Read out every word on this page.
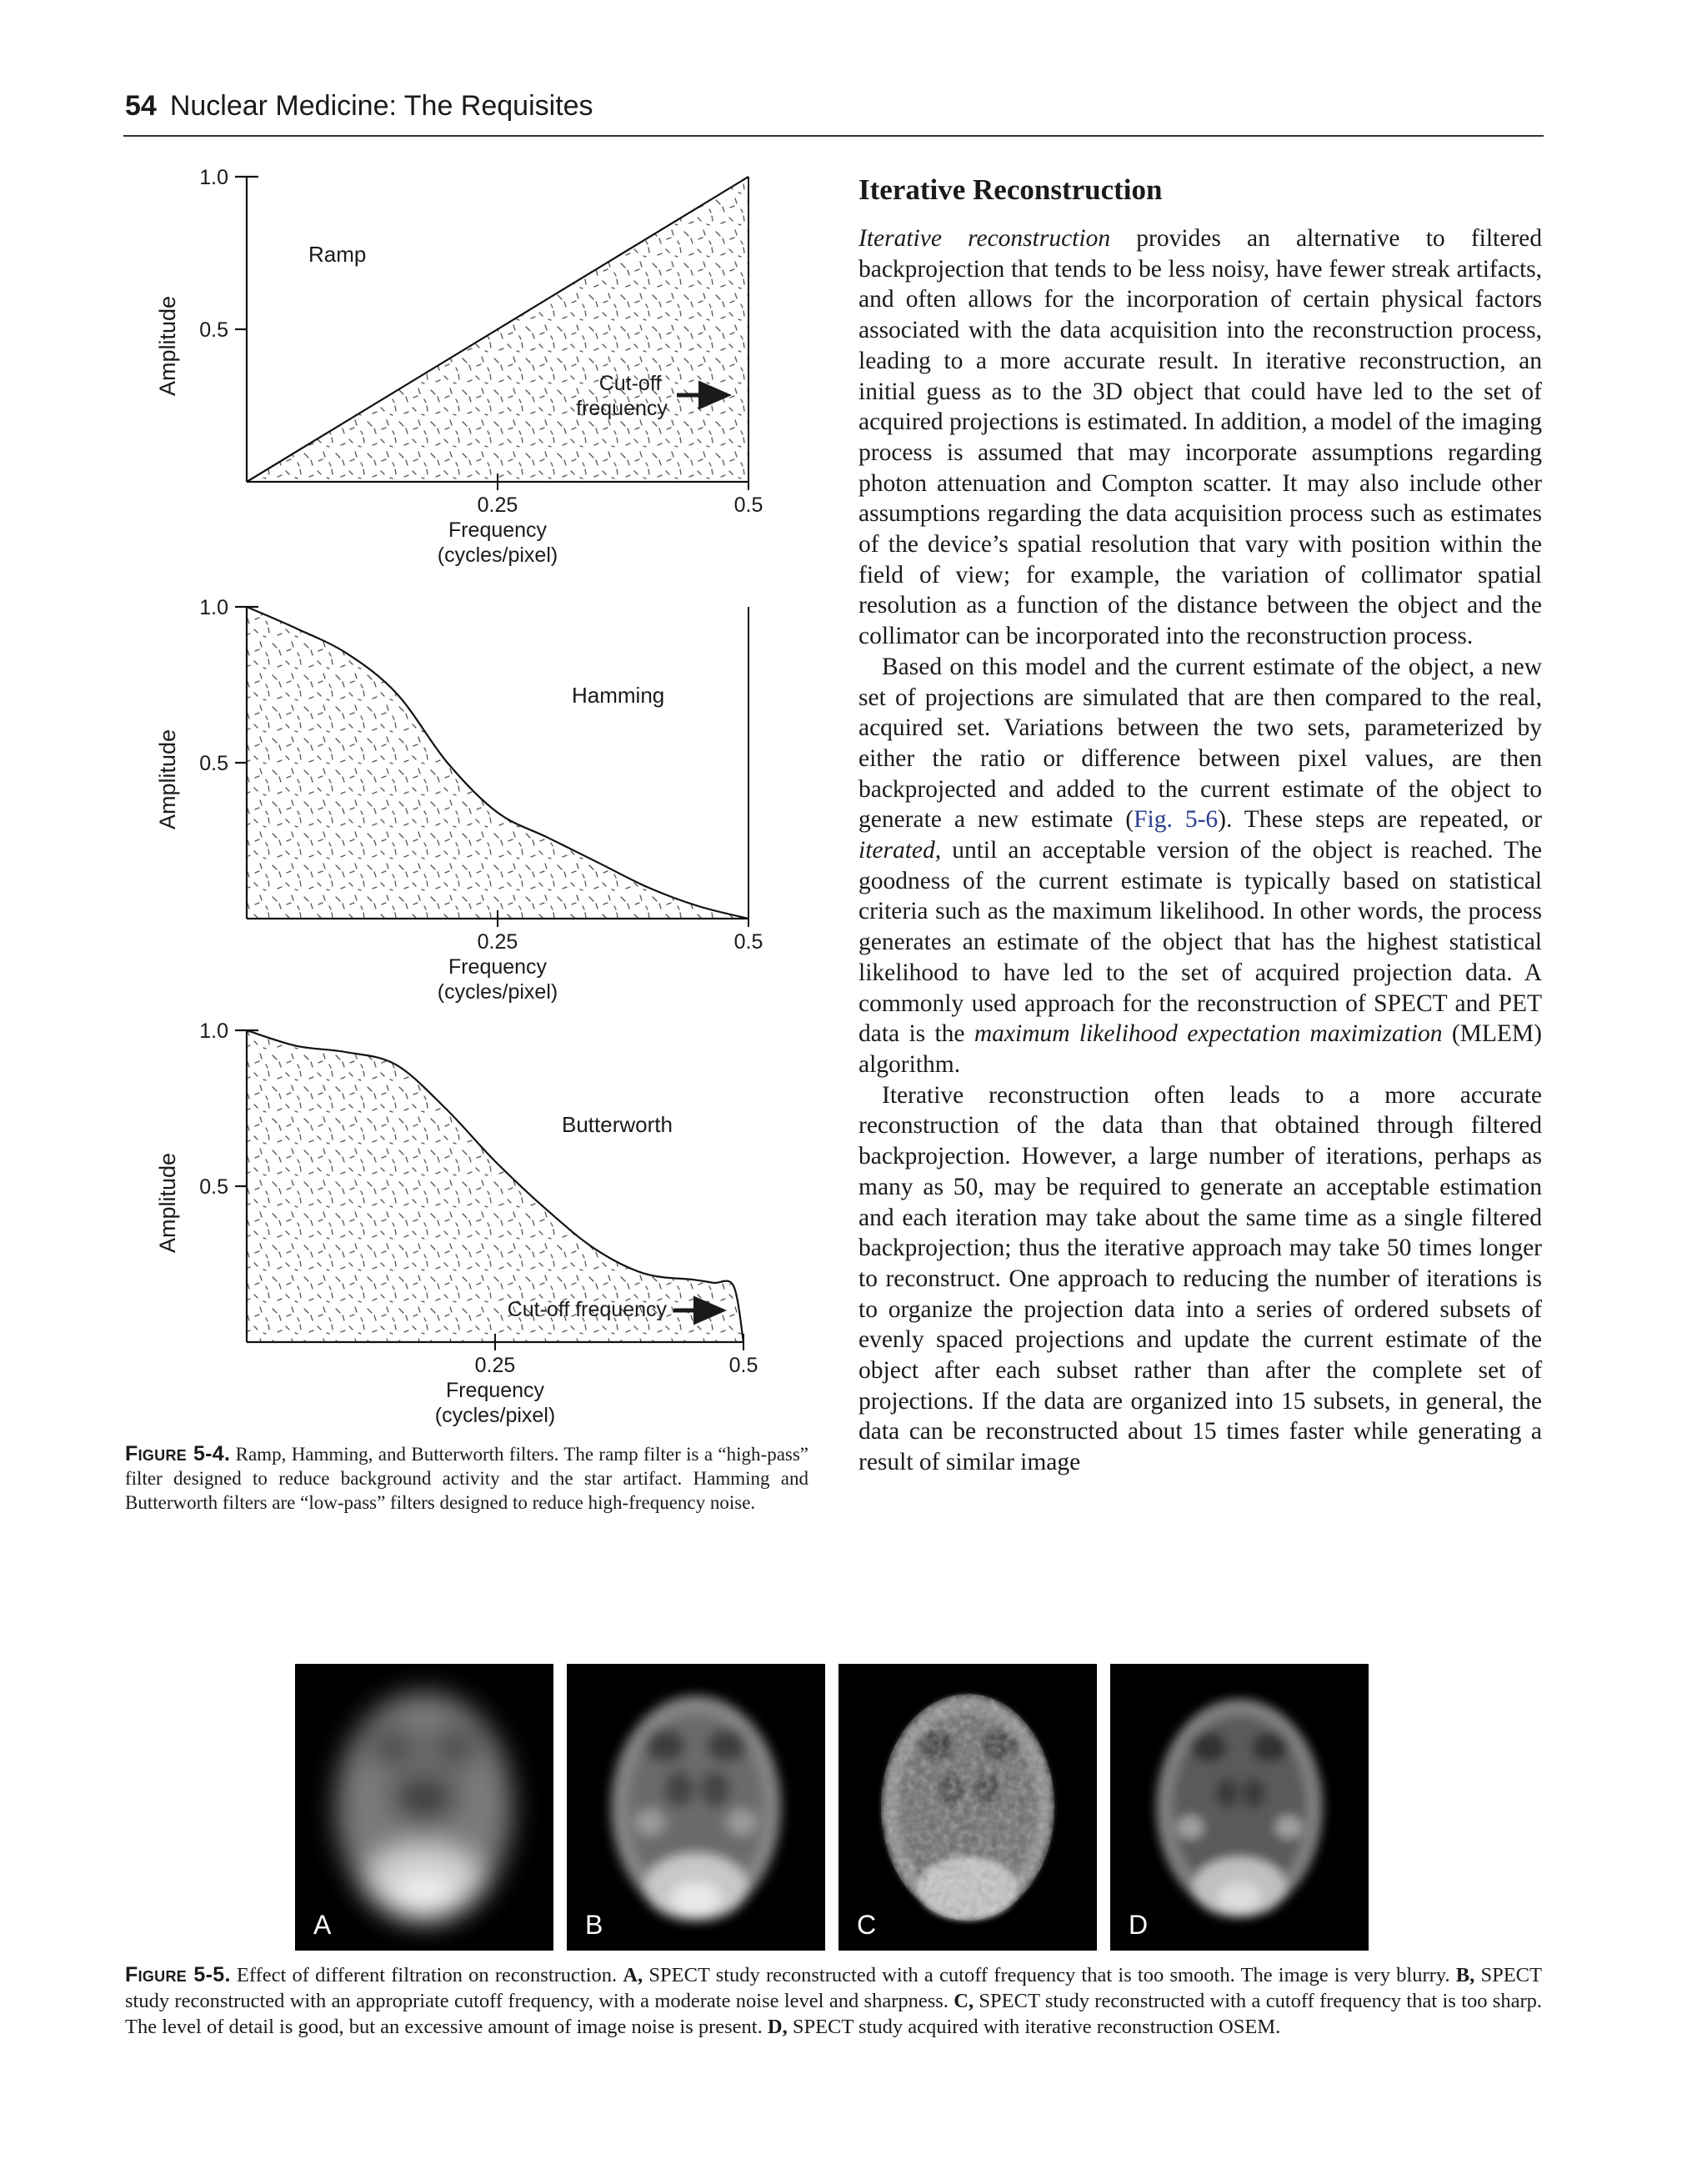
54 Nuclear Medicine: The Requisites
1.0
0.5
0.25	0.5
Frequency
(cycles/pixel)
Amplitude
Ramp
Cut-off
frequency
1.0
0.5
0.25	0.5
Frequency
(cycles/pixel)
Amplitude
Hamming
1.0
0.5
0.25	0.5
Frequency
(cycles/pixel)
Amplitude
Butterworth
Cut-off frequency
Figure 5-4. Ramp, Hamming, and Butterworth filters. The ramp filter is a “high-pass” filter designed to reduce background activity and the star artifact. Hamming and Butterworth filters are “low-pass” filters designed to reduce high-frequency noise.
Iterative Reconstruction

Iterative reconstruction provides an alternative to filtered backprojection that tends to be less noisy, have fewer streak artifacts, and often allows for the incorporation of certain physical factors associated with the data acquisition into the reconstruction process, leading to a more accurate result. In iterative reconstruction, an initial guess as to the 3D object that could have led to the set of acquired projections is estimated. In addition, a model of the imaging process is assumed that may incorporate assumptions regarding photon attenuation and Compton scatter. It may also include other assumptions regarding the data acquisition process such as estimates of the device’s spatial resolution that vary with position within the field of view; for example, the variation of collimator spatial resolution as a function of the distance between the object and the collimator can be incorporated into the reconstruction process.

Based on this model and the current estimate of the object, a new set of projections are simulated that are then compared to the real, acquired set. Variations between the two sets, parameterized by either the ratio or difference between pixel values, are then backprojected and added to the current estimate of the object to generate a new estimate (Fig. 5-6). These steps are repeated, or iterated, until an acceptable version of the object is reached. The goodness of the current estimate is typically based on statistical criteria such as the maximum likelihood. In other words, the process generates an estimate of the object that has the highest statistical likelihood to have led to the set of acquired projection data. A commonly used approach for the reconstruction of SPECT and PET data is the maximum likelihood expectation maximization (MLEM) algorithm.

Iterative reconstruction often leads to a more accurate reconstruction of the data than that obtained through filtered backprojection. However, a large number of iterations, perhaps as many as 50, may be required to generate an acceptable estimation and each iteration may take about the same time as a single filtered backprojection; thus the iterative approach may take 50 times longer to reconstruct. One approach to reducing the number of iterations is to organize the projection data into a series of ordered subsets of evenly spaced projections and update the current estimate of the object after each subset rather than after the complete set of projections. If the data are organized into 15 subsets, in general, the data can be reconstructed about 15 times faster while generating a result of similar image

A	B	C	D
Figure 5-5. Effect of different filtration on reconstruction. A, SPECT study reconstructed with a cutoff frequency that is too smooth. The image is very blurry. B, SPECT study reconstructed with an appropriate cutoff frequency, with a moderate noise level and sharpness. C, SPECT study reconstructed with a cutoff frequency that is too sharp. The level of detail is good, but an excessive amount of image noise is present. D, SPECT study acquired with iterative reconstruction OSEM.
